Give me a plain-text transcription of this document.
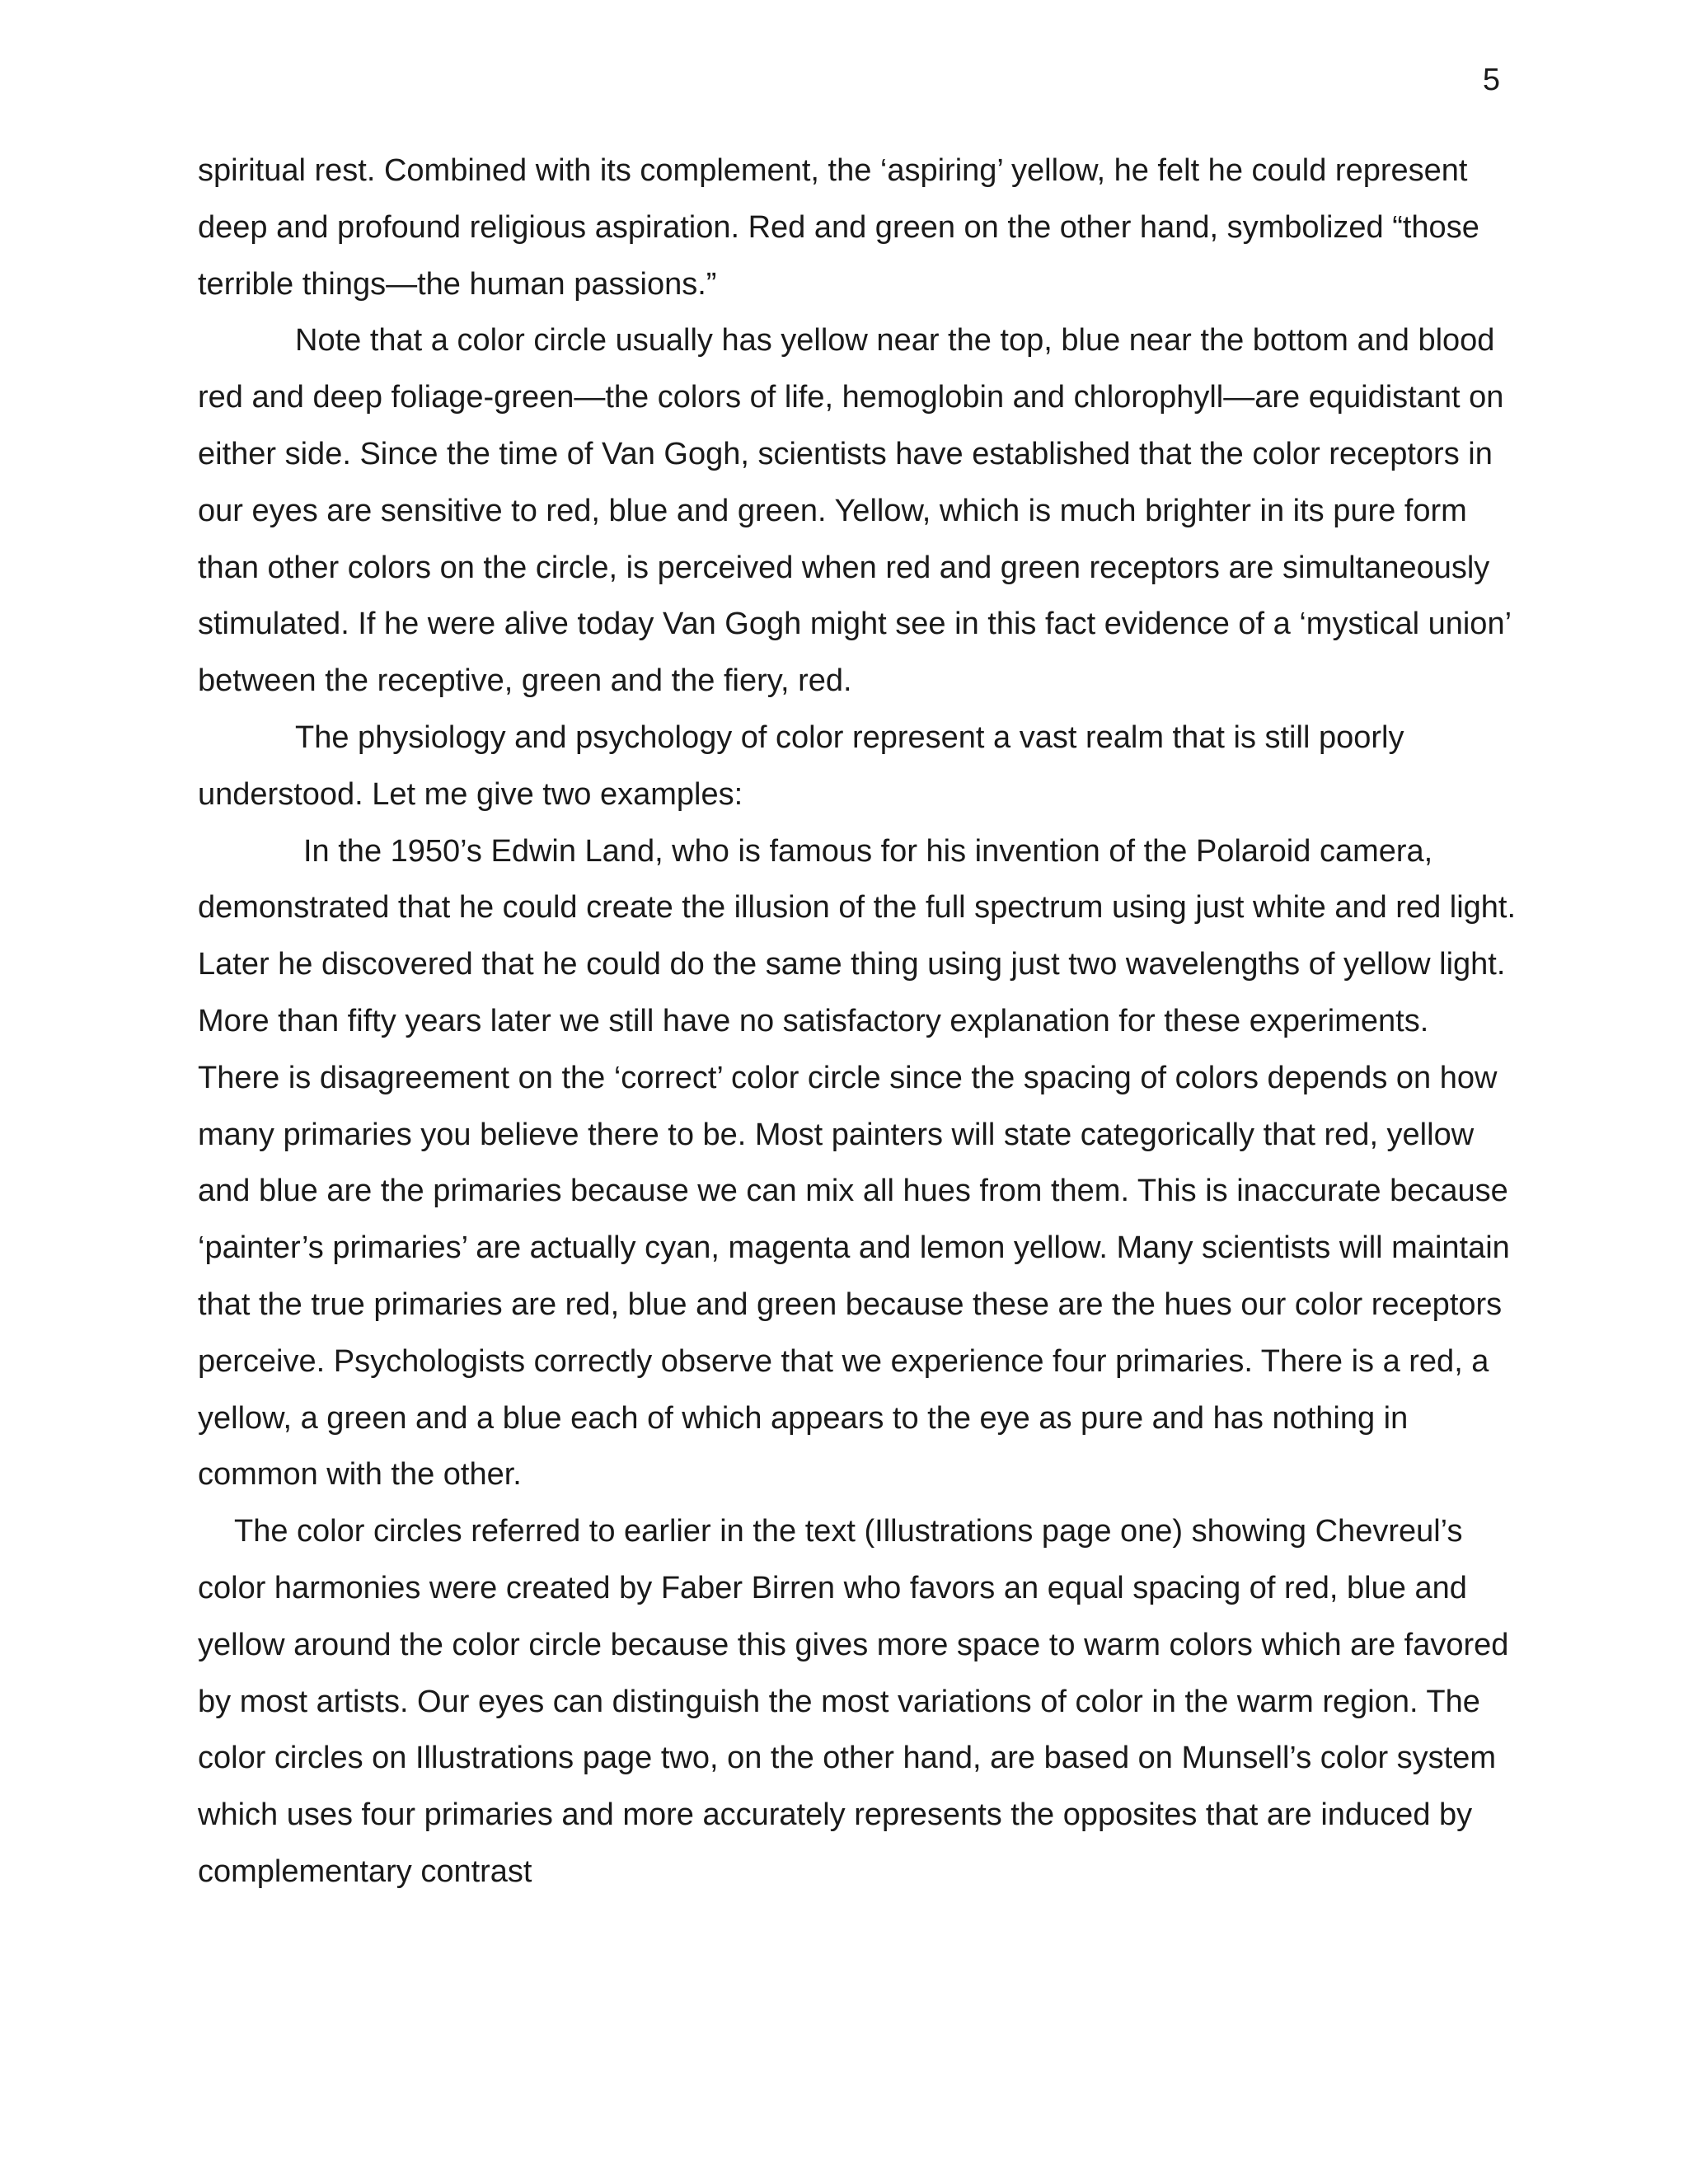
5

spiritual rest. Combined with its complement, the ‘aspiring’ yellow, he felt he could represent deep and profound religious aspiration. Red and green on the other hand, symbolized “those terrible things—the human passions.”

Note that a color circle usually has yellow near the top, blue near the bottom and blood red and deep foliage-green—the colors of life, hemoglobin and chlorophyll—are equidistant on either side. Since the time of Van Gogh, scientists have established that the color receptors in our eyes are sensitive to red, blue and green. Yellow, which is much brighter in its pure form than other colors on the circle, is perceived when red and green receptors are simultaneously stimulated. If he were alive today Van Gogh might see in this fact evidence of a ‘mystical union’ between the receptive, green and the fiery, red.

The physiology and psychology of color represent a vast realm that is still poorly understood. Let me give two examples:

In the 1950’s Edwin Land, who is famous for his invention of the Polaroid camera, demonstrated that he could create the illusion of the full spectrum using just white and red light. Later he discovered that he could do the same thing using just two wavelengths of yellow light. More than fifty years later we still have no satisfactory explanation for these experiments.

There is disagreement on the ‘correct’ color circle since the spacing of colors depends on how many primaries you believe there to be. Most painters will state categorically that red, yellow and blue are the primaries because we can mix all hues from them. This is inaccurate because ‘painter’s primaries’ are actually cyan, magenta and lemon yellow. Many scientists will maintain that the true primaries are red, blue and green because these are the hues our color receptors perceive. Psychologists correctly observe that we experience four primaries. There is a red, a yellow, a green and a blue each of which appears to the eye as pure and has nothing in common with the other.

The color circles referred to earlier in the text (Illustrations page one) showing Chevreul’s color harmonies were created by Faber Birren who favors an equal spacing of red, blue and yellow around the color circle because this gives more space to warm colors which are favored by most artists. Our eyes can distinguish the most variations of color in the warm region. The color circles on Illustrations page two, on the other hand, are based on Munsell’s color system which uses four primaries and more accurately represents the opposites that are induced by complementary contrast
